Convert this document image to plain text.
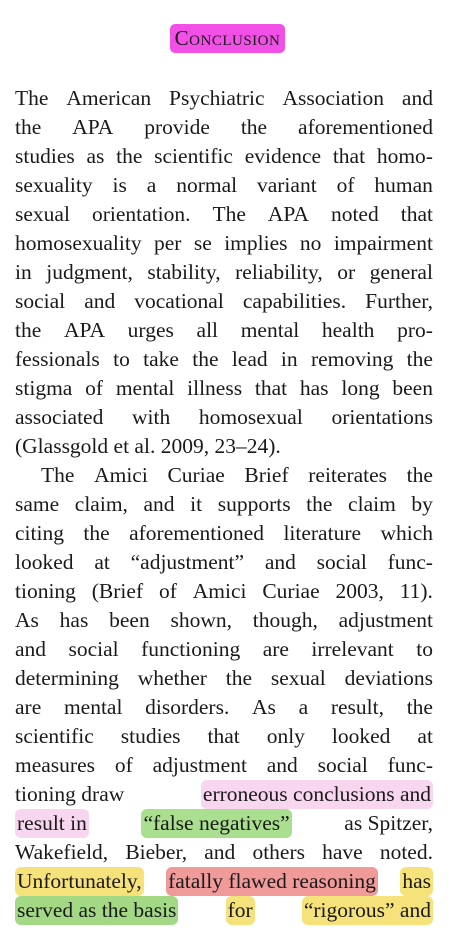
Conclusion
The American Psychiatric Association and
the APA provide the aforementioned
studies as the scientific evidence that homo-
sexuality is a normal variant of human
sexual orientation. The APA noted that
homosexuality per se implies no impairment
in judgment, stability, reliability, or general
social and vocational capabilities. Further,
the APA urges all mental health pro-
fessionals to take the lead in removing the
stigma of mental illness that has long been
associated with homosexual orientations
(Glassgold et al. 2009, 23–24).
The Amici Curiae Brief reiterates the
same claim, and it supports the claim by
citing the aforementioned literature which
looked at “adjustment” and social func-
tioning (Brief of Amici Curiae 2003, 11).
As has been shown, though, adjustment
and social functioning are irrelevant to
determining whether the sexual deviations
are mental disorders. As a result, the
scientific studies that only looked at
measures of adjustment and social func-
tioning draw	erroneous conclusions and
result in	“false negatives”	as Spitzer,
Wakefield, Bieber, and others have noted.
Unfortunately, fatally flawed reasoning has
served as the basis for “rigorous” and
